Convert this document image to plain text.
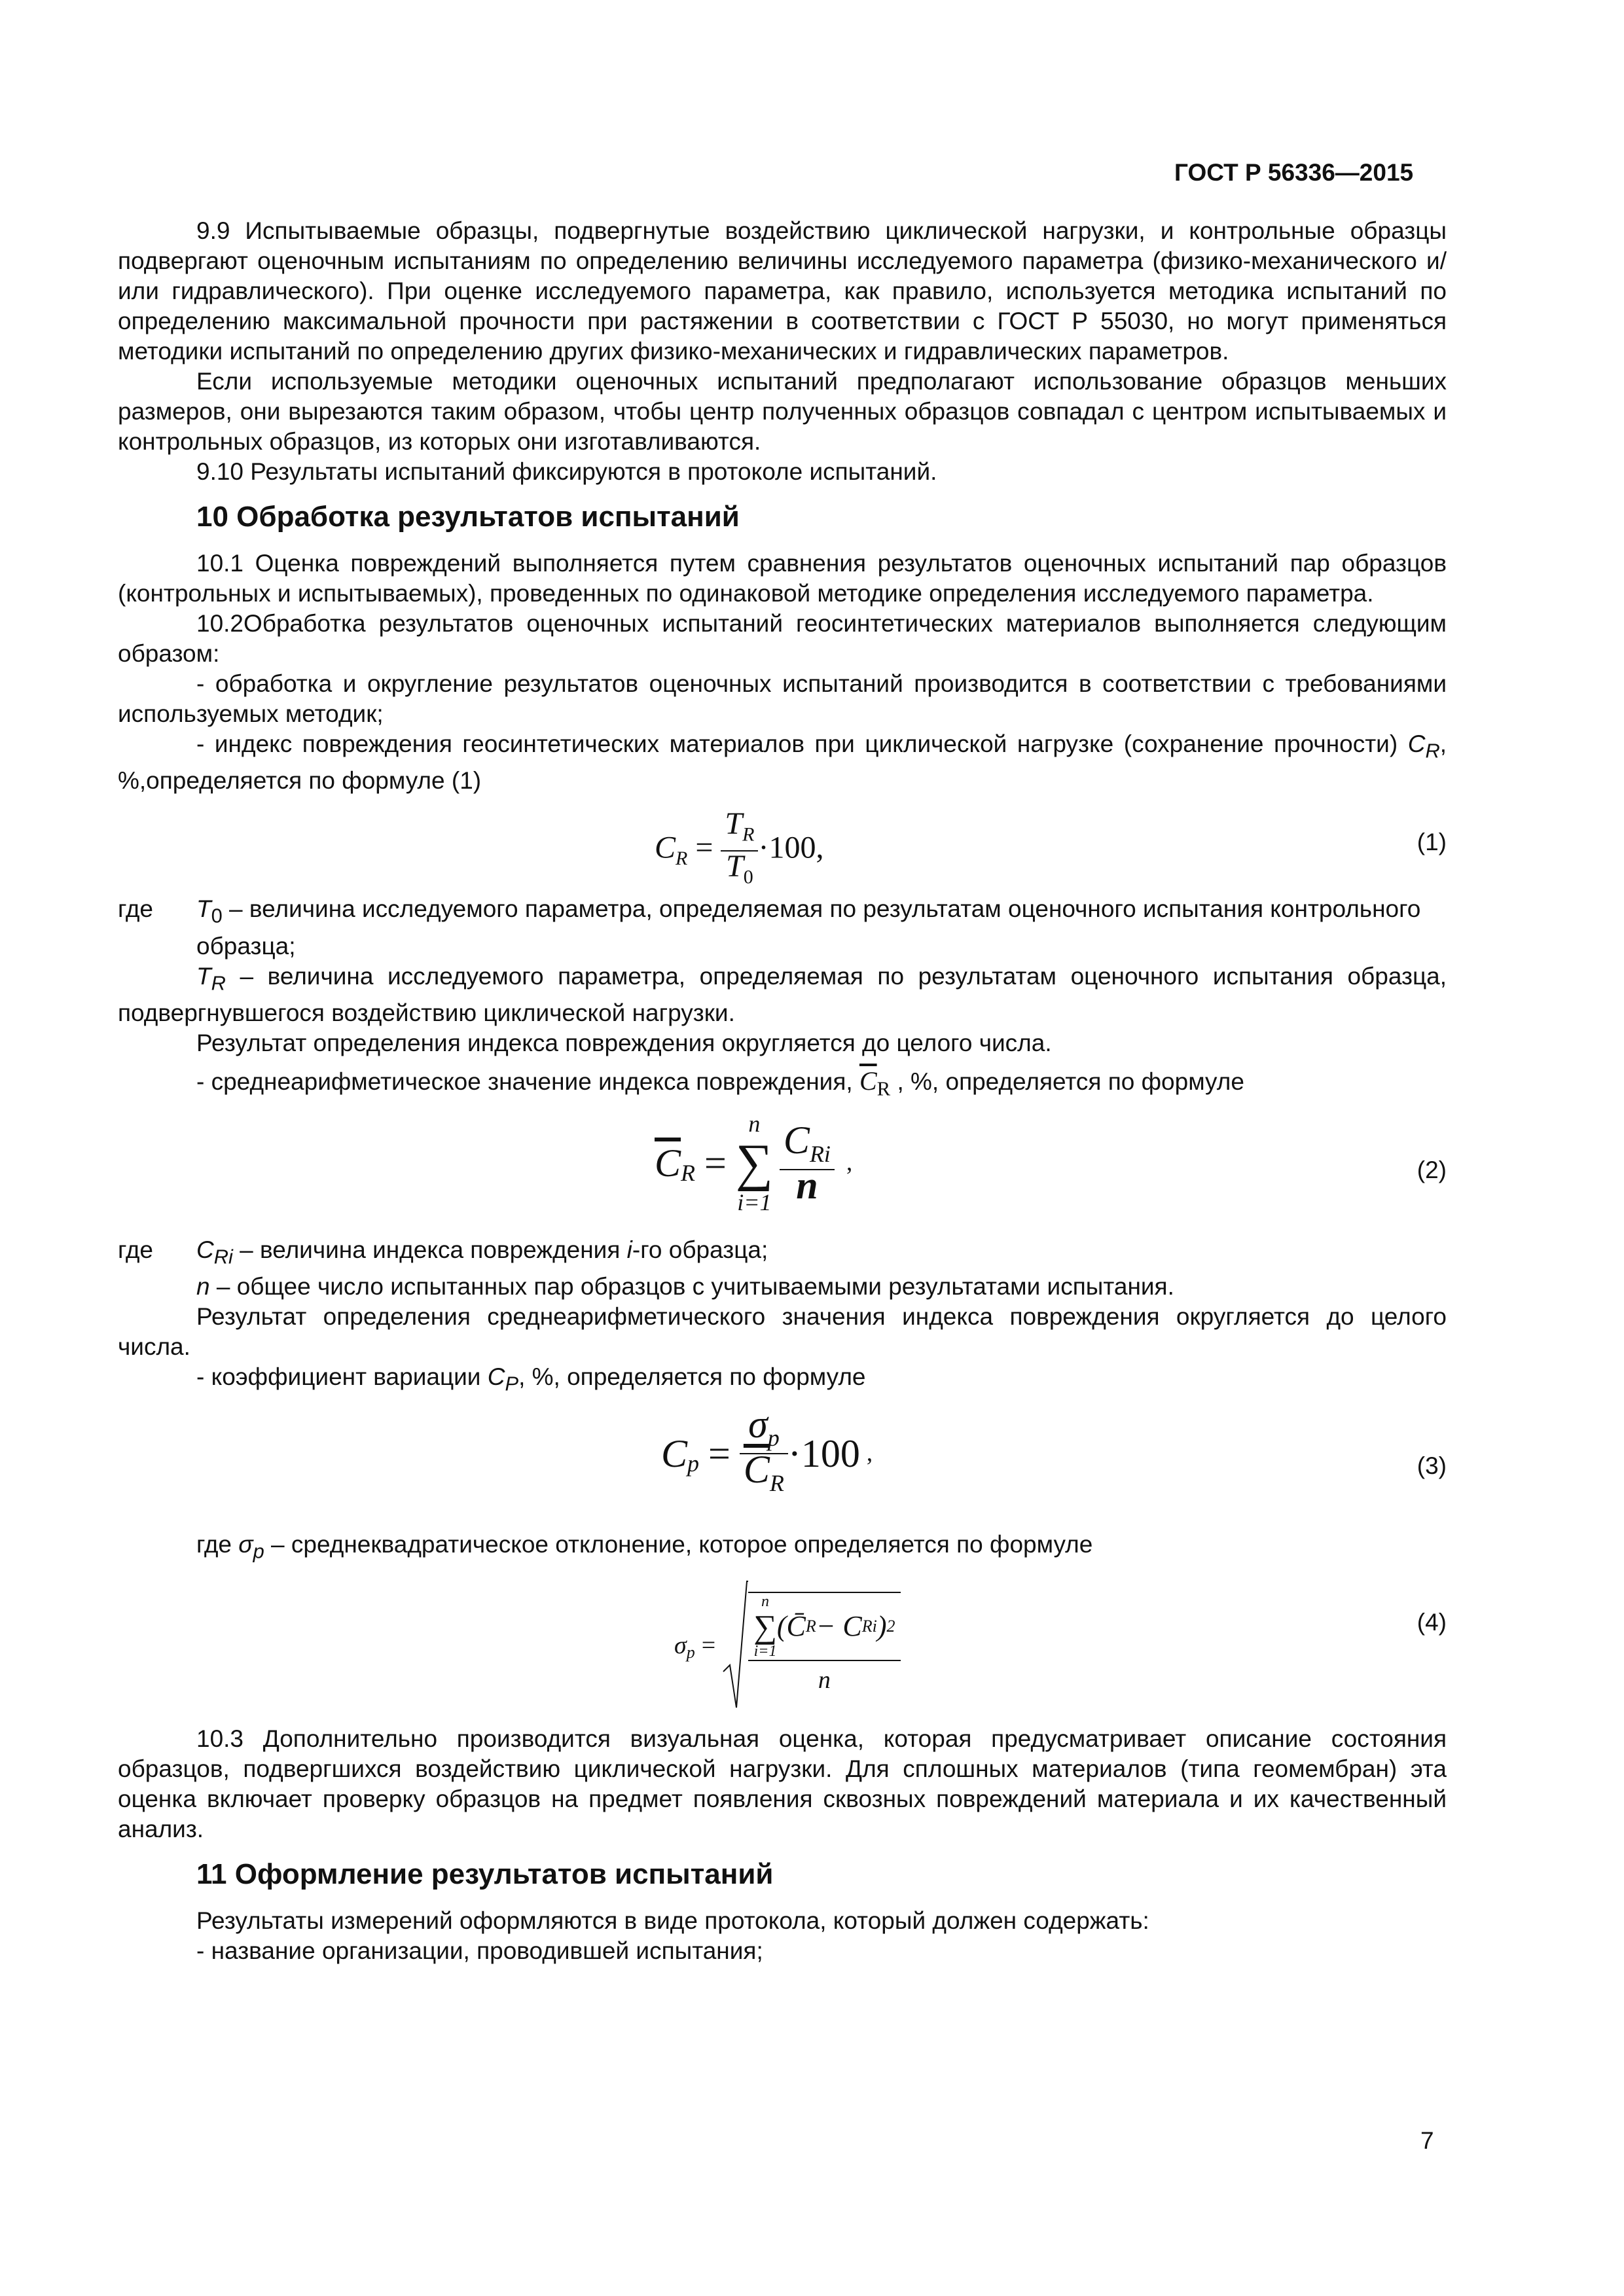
ГОСТ Р 56336—2015

9.9 Испытываемые образцы, подвергнутые воздействию циклической нагрузки, и контрольные образцы подвергают оценочным испытаниям по определению величины исследуемого параметра (физико-механического и/или гидравлического). При оценке исследуемого параметра, как правило, используется методика испытаний по определению максимальной прочности при растяжении в соответствии с ГОСТ Р 55030, но могут применяться методики испытаний по определению других физико-механических и гидравлических параметров.

Если используемые методики оценочных испытаний предполагают использование образцов меньших размеров, они вырезаются таким образом, чтобы центр полученных образцов совпадал с центром испытываемых и контрольных образцов, из которых они изготавливаются.

9.10 Результаты испытаний фиксируются в протоколе испытаний.

10 Обработка результатов испытаний

10.1 Оценка повреждений выполняется путем сравнения результатов оценочных испытаний пар образцов (контрольных и испытываемых), проведенных по одинаковой методике определения исследуемого параметра.

10.2Обработка результатов оценочных испытаний геосинтетических материалов выполняется следующим образом:

- обработка и округление результатов оценочных испытаний производится в соответствии с требованиями используемых методик;

- индекс повреждения геосинтетических материалов при циклической нагрузке (сохранение прочности) $C_R$, %,определяется по формуле (1)

$C_R = \frac{T_R}{T_0} \cdot 100$,	(1)
где	$T_0$ – величина исследуемого параметра, определяемая по результатам оценочного испытания контрольного образца;

$T_R$ – величина исследуемого параметра, определяемая по результатам оценочного испытания образца, подвергнувшегося воздействию циклической нагрузки.

Результат определения индекса повреждения округляется до целого числа.

- среднеарифметическое значение индекса повреждения, $\overline{C}_R$ , %, определяется по формуле

$\overline{C}_R$ =
n
∑
i=1
$\frac{C_{Ri}}{n}$ ,	(2)
где	$C_{Ri}$ – величина индекса повреждения i-го образца;

n – общее число испытанных пар образцов с учитываемыми результатами испытания.

Результат определения среднеарифметического значения индекса повреждения округляется до целого числа.

- коэффициент вариации $C_P$, %, определяется по формуле

$C_p = \frac{\sigma_p}{\overline{C}_R} \cdot 100$ ,	(3)

где $\sigma_p$ – среднеквадратическое отклонение, которое определяется по формуле

$\sigma_p$ =
n
∑
i=1
(C̄ R − C Ri ) 2
n
(4)

10.3 Дополнительно производится визуальная оценка, которая предусматривает описание состояния образцов, подвергшихся воздействию циклической нагрузки. Для сплошных материалов (типа геомембран) эта оценка включает проверку образцов на предмет появления сквозных повреждений материала и их качественный анализ.

11 Оформление результатов испытаний

Результаты измерений оформляются в виде протокола, который должен содержать:

- название организации, проводившей испытания;

7
